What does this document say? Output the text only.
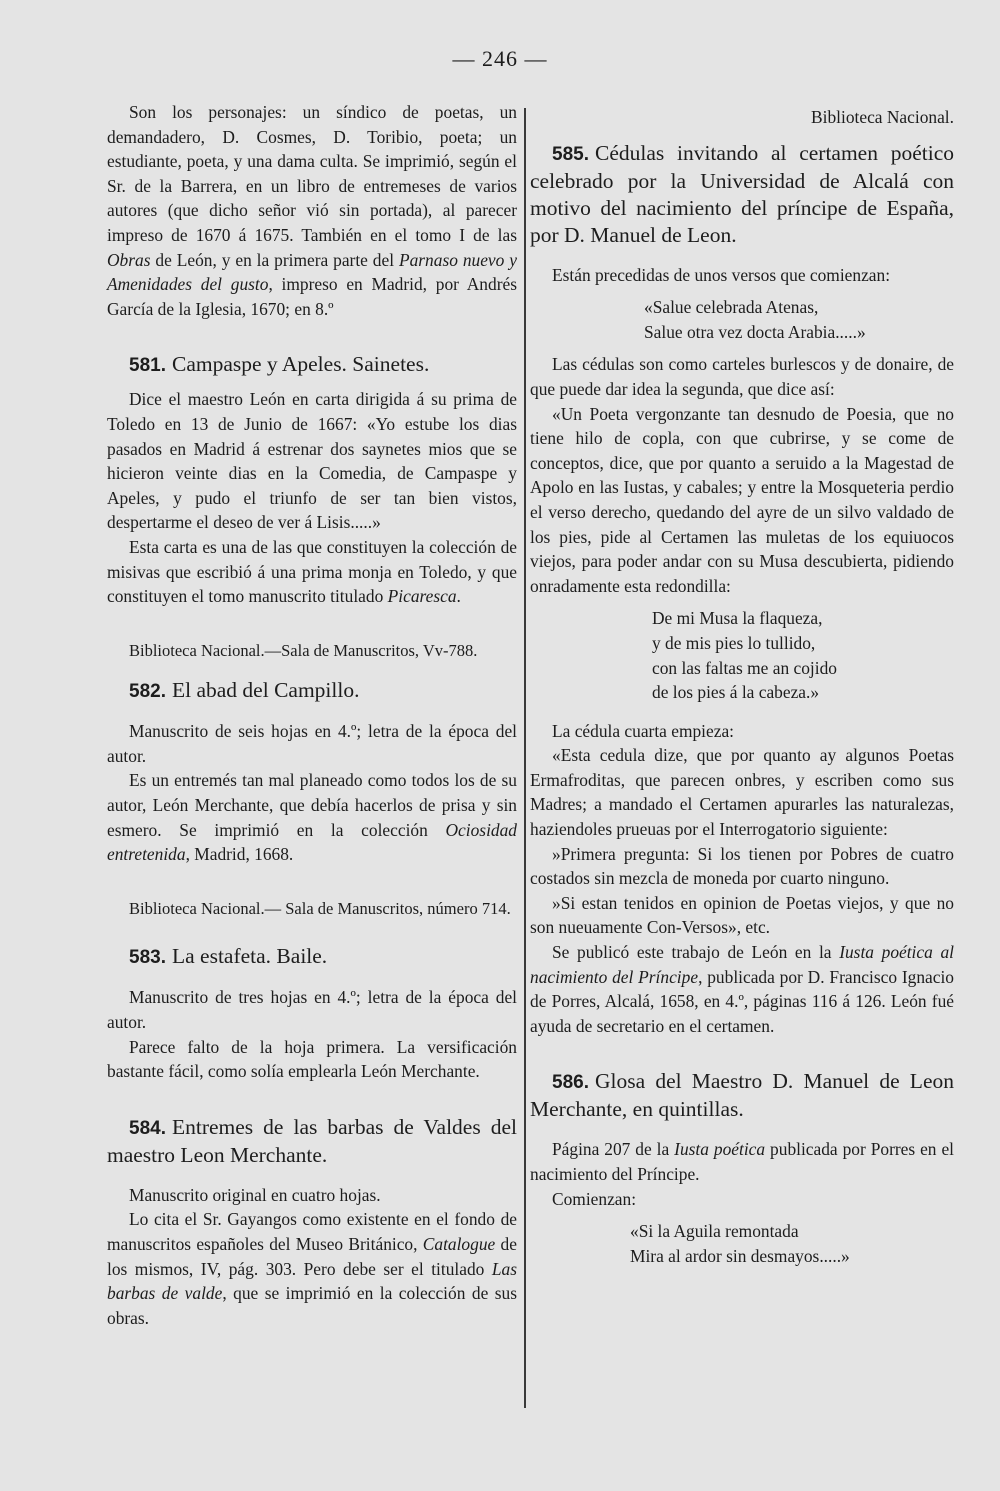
— 246 —

Son los personajes: un síndico de poetas, un demandadero, D. Cosmes, D. Toribio, poeta; un estudiante, poeta, y una dama culta. Se imprimió, según el Sr. de la Barrera, en un libro de entremeses de varios autores (que dicho señor vió sin portada), al parecer impreso de 1670 á 1675. También en el tomo I de las Obras de León, y en la primera parte del Parnaso nuevo y Amenidades del gusto, impreso en Madrid, por Andrés García de la Iglesia, 1670; en 8.º

581. Campaspe y Apeles. Sainetes.

Dice el maestro León en carta dirigida á su prima de Toledo en 13 de Junio de 1667: «Yo estube los dias pasados en Madrid á estrenar dos saynetes mios que se hicieron veinte dias en la Comedia, de Campaspe y Apeles, y pudo el triunfo de ser tan bien vistos, despertarme el deseo de ver á Lisis.....»

Esta carta es una de las que constituyen la colección de misivas que escribió á una prima monja en Toledo, y que constituyen el tomo manuscrito titulado Picaresca.

Biblioteca Nacional.—Sala de Manuscritos, Vv-788.

582. El abad del Campillo.

Manuscrito de seis hojas en 4.º; letra de la época del autor.

Es un entremés tan mal planeado como todos los de su autor, León Merchante, que debía hacerlos de prisa y sin esmero. Se imprimió en la colección Ociosidad entretenida, Madrid, 1668.

Biblioteca Nacional.— Sala de Manuscritos, número 714.

583. La estafeta. Baile.

Manuscrito de tres hojas en 4.º; letra de la época del autor.

Parece falto de la hoja primera. La versificación bastante fácil, como solía emplearla León Merchante.

584. Entremes de las barbas de Valdes del maestro Leon Merchante.

Manuscrito original en cuatro hojas.

Lo cita el Sr. Gayangos como existente en el fondo de manuscritos españoles del Museo Británico, Catalogue de los mismos, IV, pág. 303. Pero debe ser el titulado Las barbas de valde, que se imprimió en la colección de sus obras.

Biblioteca Nacional.

585. Cédulas invitando al certamen poético celebrado por la Universidad de Alcalá con motivo del nacimiento del príncipe de España, por D. Manuel de Leon.

Están precedidas de unos versos que comienzan:

«Salue celebrada Atenas,

Salue otra vez docta Arabia.....»

Las cédulas son como carteles burlescos y de donaire, de que puede dar idea la segunda, que dice así:

«Un Poeta vergonzante tan desnudo de Poesia, que no tiene hilo de copla, con que cubrirse, y se come de conceptos, dice, que por quanto a seruido a la Magestad de Apolo en las Iustas, y cabales; y entre la Mosqueteria perdio el verso derecho, quedando del ayre de un silvo valdado de los pies, pide al Certamen las muletas de los equiuocos viejos, para poder andar con su Musa descubierta, pidiendo onradamente esta redondilla:

De mi Musa la flaqueza,

y de mis pies lo tullido,

con las faltas me an cojido

de los pies á la cabeza.»

La cédula cuarta empieza:

«Esta cedula dize, que por quanto ay algunos Poetas Ermafroditas, que parecen onbres, y escriben como sus Madres; a mandado el Certamen apurarles las naturalezas, haziendoles prueuas por el Interrogatorio siguiente:

»Primera pregunta: Si los tienen por Pobres de cuatro costados sin mezcla de moneda por cuarto ninguno.

»Si estan tenidos en opinion de Poetas viejos, y que no son nueuamente Con-Versos», etc.

Se publicó este trabajo de León en la Iusta poética al nacimiento del Príncipe, publicada por D. Francisco Ignacio de Porres, Alcalá, 1658, en 4.º, páginas 116 á 126. León fué ayuda de secretario en el certamen.

586. Glosa del Maestro D. Manuel de Leon Merchante, en quintillas.

Página 207 de la Iusta poética publicada por Porres en el nacimiento del Príncipe.

Comienzan:

«Si la Aguila remontada

Mira al ardor sin desmayos.....»
